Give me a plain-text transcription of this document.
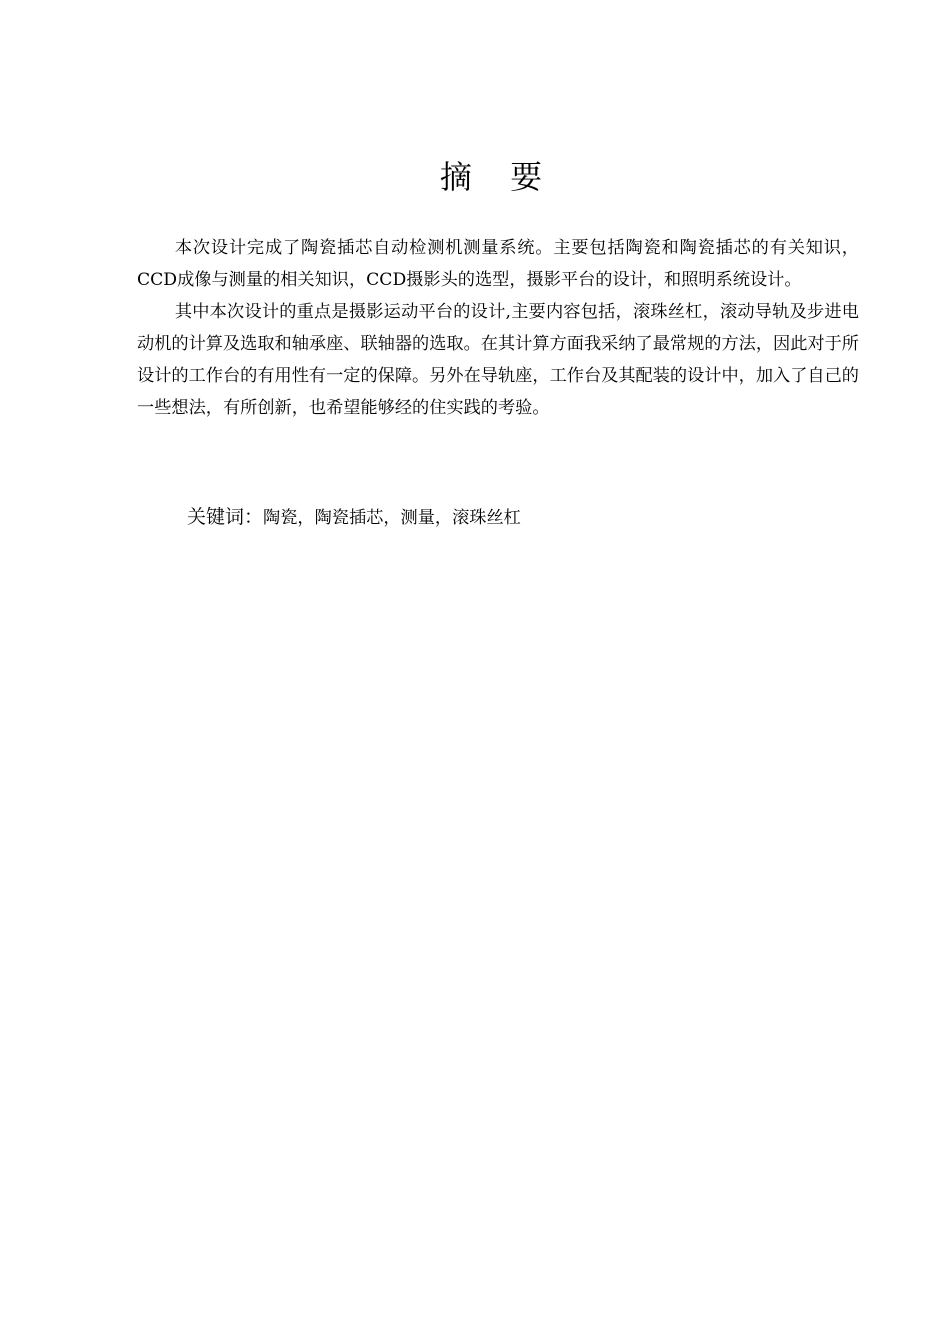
摘 要

本次设计完成了陶瓷插芯自动检测机测量系统。主要包括陶瓷和陶瓷插芯的有关知识，CCD成像与测量的相关知识，CCD摄影头的选型，摄影平台的设计，和照明系统设计。

其中本次设计的重点是摄影运动平台的设计,主要内容包括，滚珠丝杠，滚动导轨及步进电动机的计算及选取和轴承座、联轴器的选取。在其计算方面我采纳了最常规的方法，因此对于所设计的工作台的有用性有一定的保障。另外在导轨座，工作台及其配装的设计中，加入了自己的一些想法，有所创新，也希望能够经的住实践的考验。

关键词：陶瓷，陶瓷插芯，测量，滚珠丝杠
